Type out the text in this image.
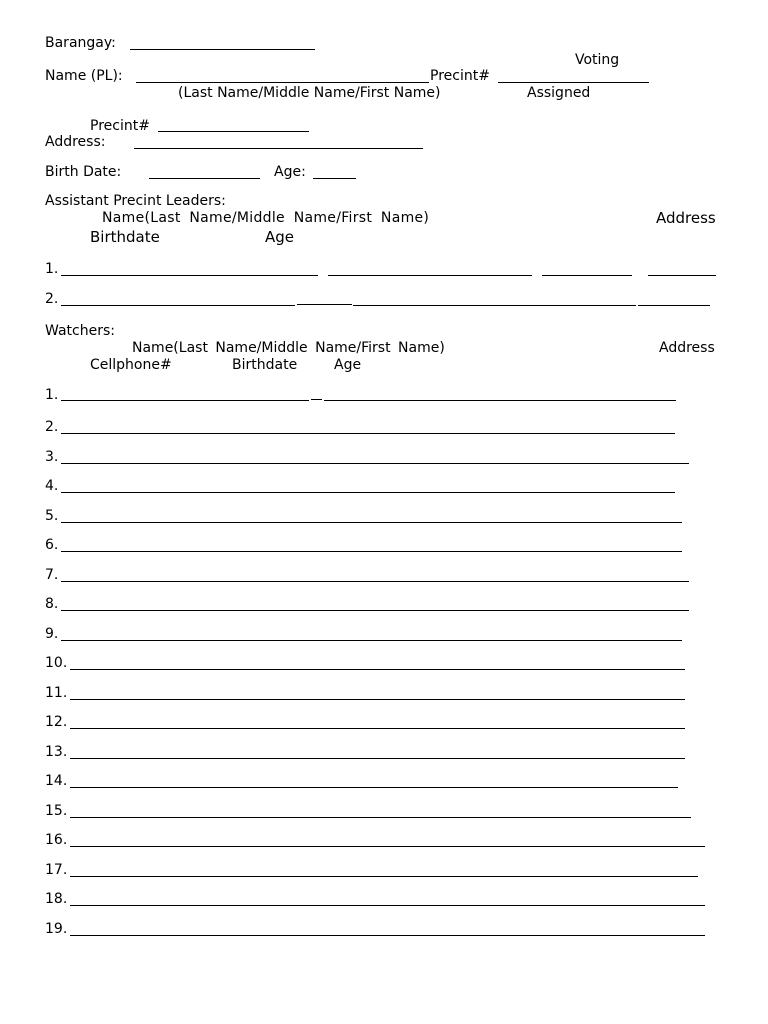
Barangay:
Voting
Name (PL):	Precint#
(Last Name/Middle Name/First Name)	Assigned
Precint#
Address:
Birth Date:	Age:
Assistant Precint Leaders:
Name(Last Name/Middle Name/First Name)	Address
Birthdate	Age
1.
2.
Watchers:
Name(Last Name/Middle Name/First Name)	Address
Cellphone#	Birthdate	Age
1.
2.
3.
4.
5.
6.
7.
8.
9.
10.
11.
12.
13.
14.
15.
16.
17.
18.
19.
